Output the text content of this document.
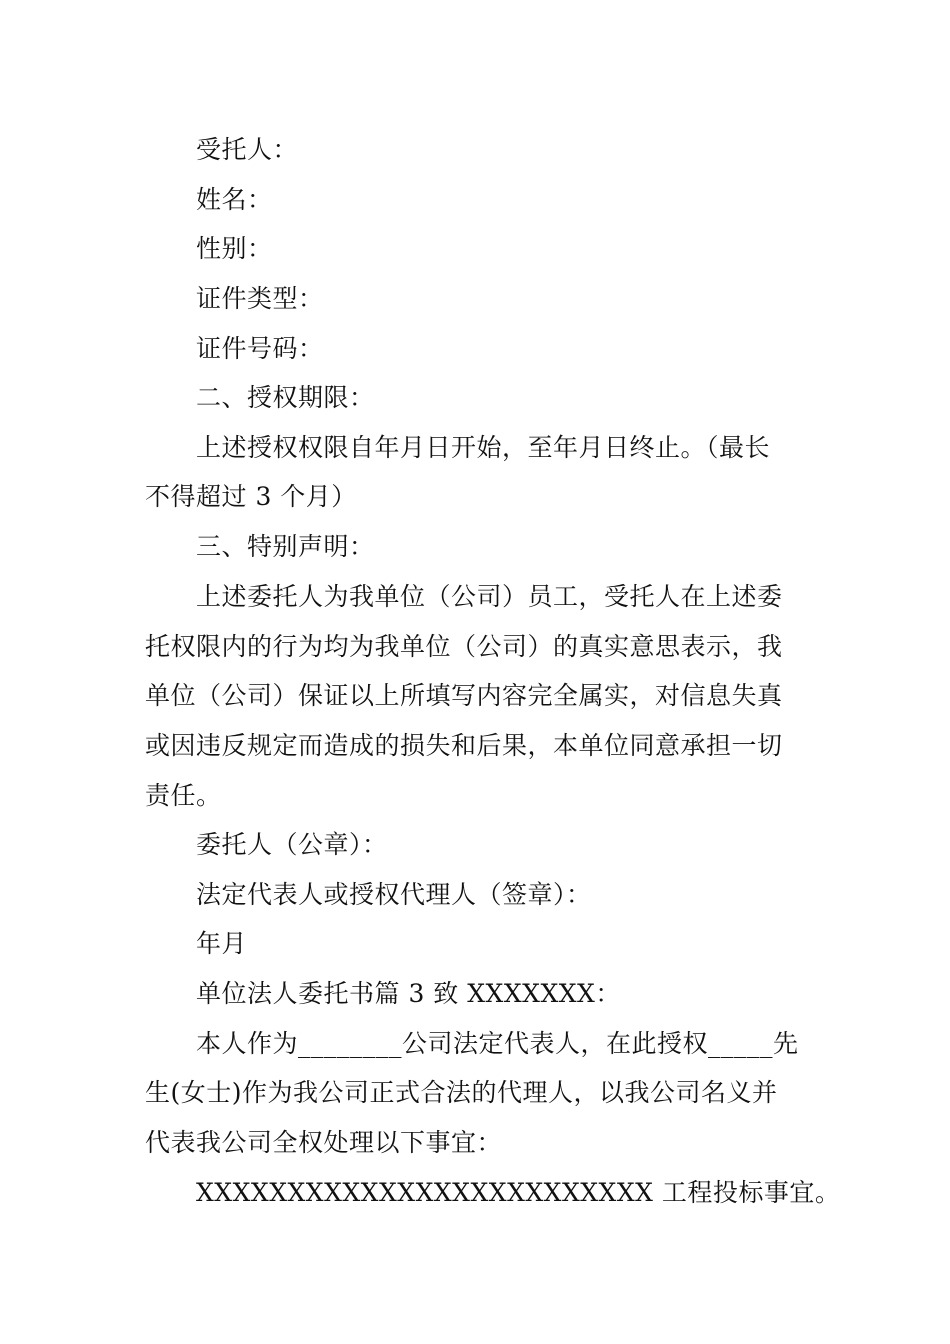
受托人：
姓名：
性别：
证件类型：
证件号码：
二、授权期限：
上述授权权限自年月日开始，至年月日终止。（最长
不得超过 3 个月）
三、特别声明：
上述委托人为我单位（公司）员工，受托人在上述委
托权限内的行为均为我单位（公司）的真实意思表示，我
单位（公司）保证以上所填写内容完全属实，对信息失真
或因违反规定而造成的损失和后果，本单位同意承担一切
责任。
委托人（公章）：
法定代表人或授权代理人（签章）：
年月
单位法人委托书篇 3 致 XXXXXXX：
本人作为________公司法定代表人，在此授权_____先
生(女士)作为我公司正式合法的代理人，以我公司名义并
代表我公司全权处理以下事宜：
XXXXXXXXXXXXXXXXXXXXXXXXX 工程投标事宜。
